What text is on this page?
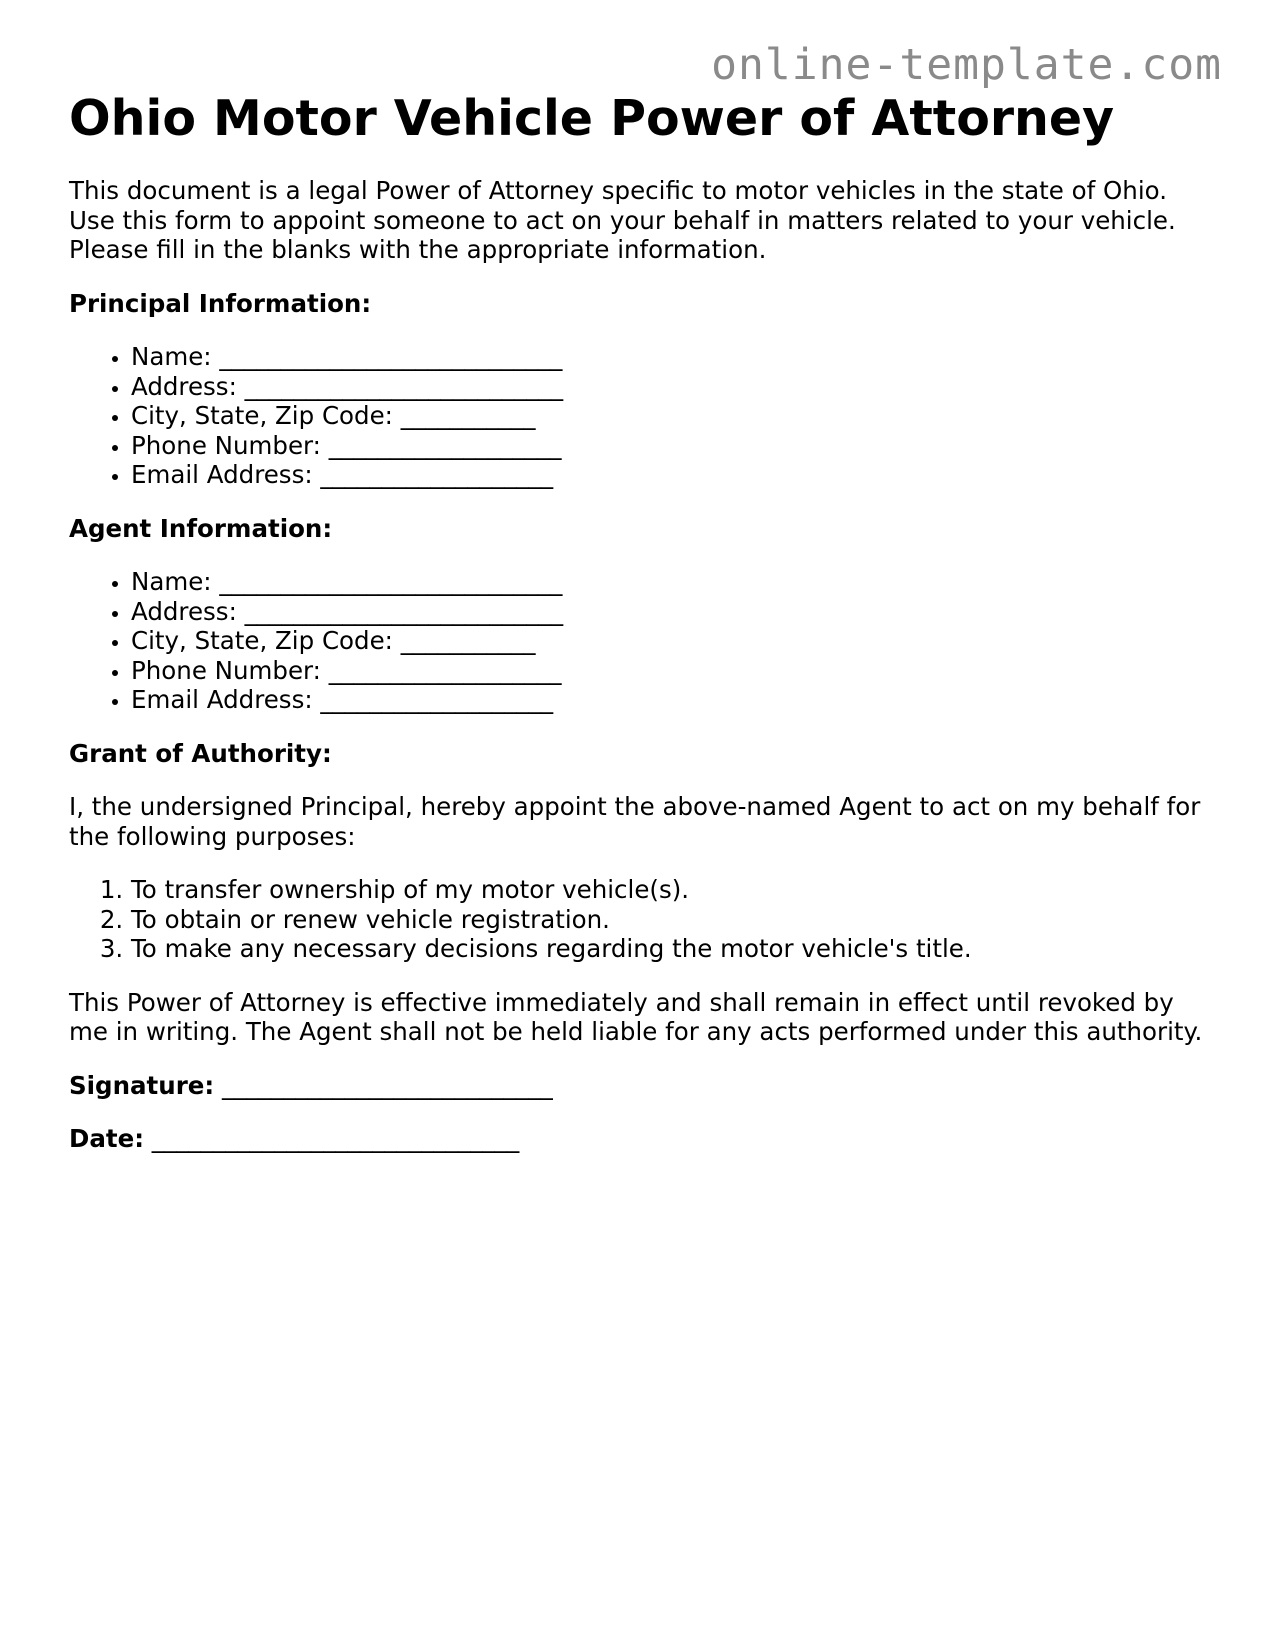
online-template.com
Ohio Motor Vehicle Power of Attorney

This document is a legal Power of Attorney specific to motor vehicles in the state of Ohio. Use this form to appoint someone to act on your behalf in matters related to your vehicle. Please fill in the blanks with the appropriate information.

Principal Information:
• Name: ____________________________
• Address: __________________________
• City, State, Zip Code: ___________
• Phone Number: ___________________
• Email Address: ___________________
Agent Information:
• Name: ____________________________
• Address: __________________________
• City, State, Zip Code: ___________
• Phone Number: ___________________
• Email Address: ___________________
Grant of Authority:

I, the undersigned Principal, hereby appoint the above-named Agent to act on my behalf for the following purposes:

1. To transfer ownership of my motor vehicle(s).
2. To obtain or renew vehicle registration.
3. To make any necessary decisions regarding the motor vehicle's title.

This Power of Attorney is effective immediately and shall remain in effect until revoked by me in writing. The Agent shall not be held liable for any acts performed under this authority.

Signature: ___________________________
Date: ______________________________
